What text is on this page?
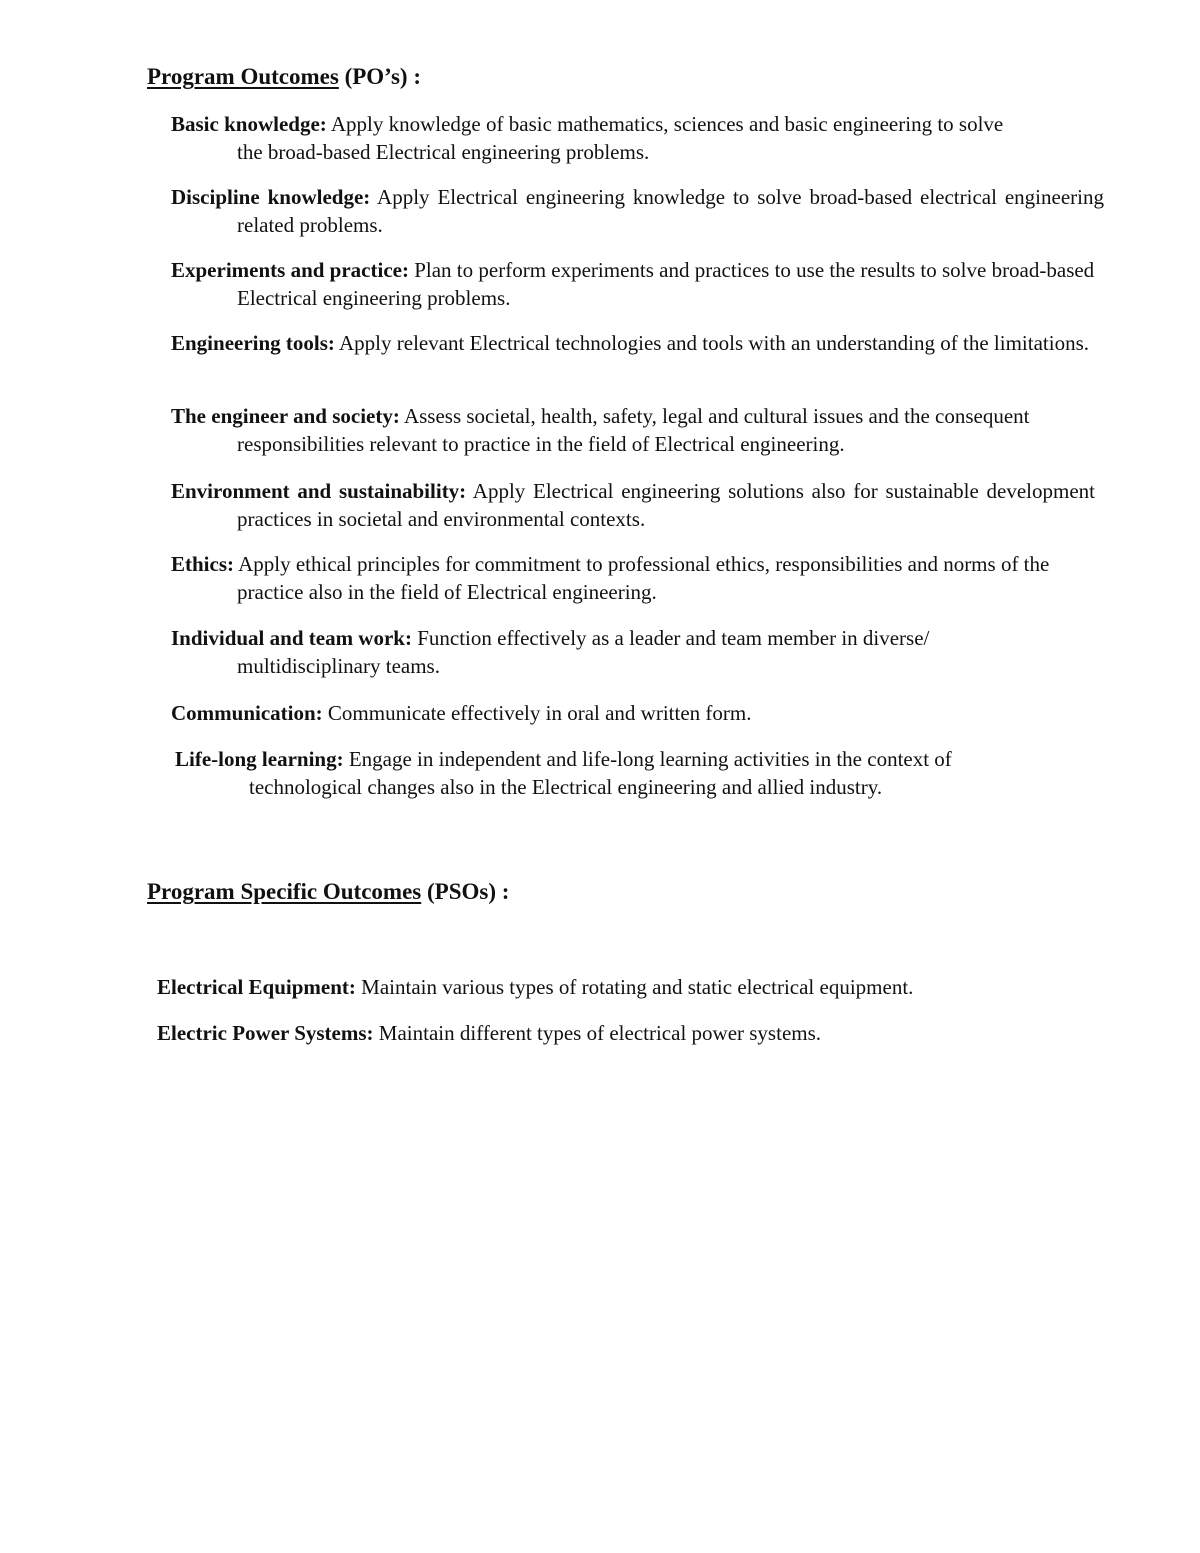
Program Outcomes (PO’s) :
Basic knowledge: Apply knowledge of basic mathematics, sciences and basic engineering to solve the broad-based Electrical engineering problems.
Discipline knowledge: Apply Electrical engineering knowledge to solve broad-based electrical engineering related problems.
Experiments and practice: Plan to perform experiments and practices to use the results to solve broad-based Electrical engineering problems.
Engineering tools: Apply relevant Electrical technologies and tools with an understanding of the limitations.
The engineer and society: Assess societal, health, safety, legal and cultural issues and the consequent responsibilities relevant to practice in the field of Electrical engineering.
Environment and sustainability: Apply Electrical engineering solutions also for sustainable development practices in societal and environmental contexts.
Ethics: Apply ethical principles for commitment to professional ethics, responsibilities and norms of the practice also in the field of Electrical engineering.
Individual and team work: Function effectively as a leader and team member in diverse/ multidisciplinary teams.
Communication: Communicate effectively in oral and written form.
Life-long learning: Engage in independent and life-long learning activities in the context of technological changes also in the Electrical engineering and allied industry.
Program Specific Outcomes (PSOs) :
Electrical Equipment: Maintain various types of rotating and static electrical equipment.
Electric Power Systems: Maintain different types of electrical power systems.
